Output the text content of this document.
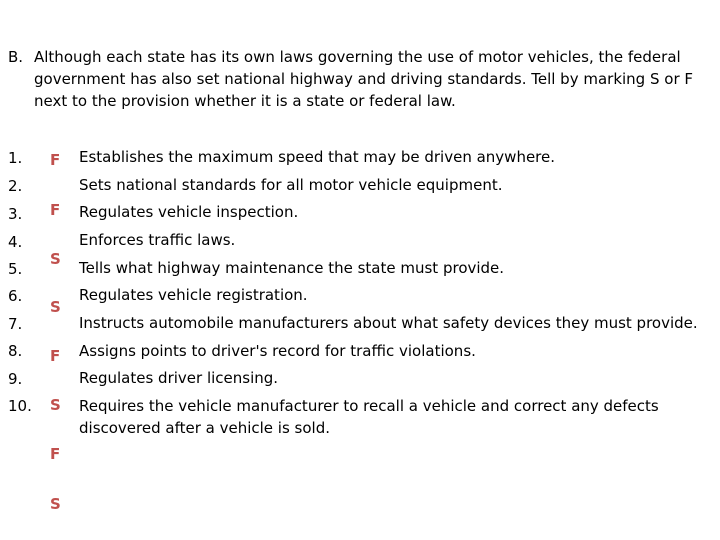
B. Although each state has its own laws governing the use of motor vehicles, the federal government has also set national highway and driving standards. Tell by marking S or F next to the provision whether it is a state or federal law.
1.
2.
3.
4.
5.
6.
7.
8.
9.
10.
F
F
S
S
F
S
F
S
Establishes the maximum speed that may be driven anywhere.
Sets national standards for all motor vehicle equipment.
Regulates vehicle inspection.
Enforces traffic laws.
Tells what highway maintenance the state must provide.
Regulates vehicle registration.
Instructs automobile manufacturers about what safety devices they must provide.
Assigns points to driver's record for traffic violations.
Regulates driver licensing.
Requires the vehicle manufacturer to recall a vehicle and correct any defects discovered after a vehicle is sold.
